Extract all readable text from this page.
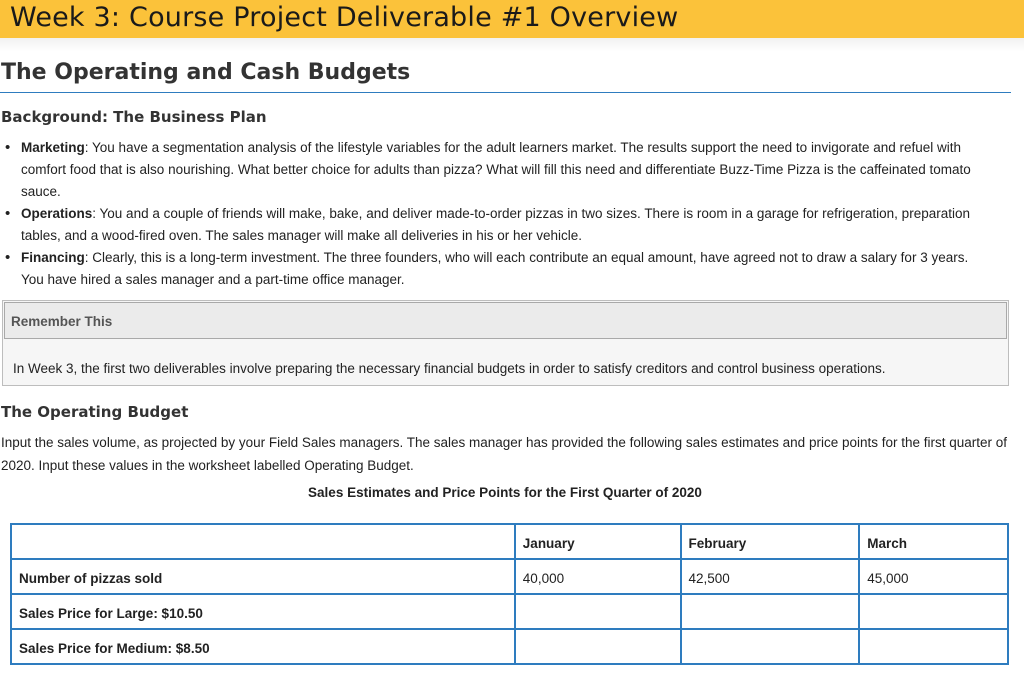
Week 3: Course Project Deliverable #1 Overview
The Operating and Cash Budgets
Background: The Business Plan
• Marketing: You have a segmentation analysis of the lifestyle variables for the adult learners market. The results support the need to invigorate and refuel with comfort food that is also nourishing. What better choice for adults than pizza? What will fill this need and differentiate Buzz-Time Pizza is the caffeinated tomato sauce.
• Operations: You and a couple of friends will make, bake, and deliver made-to-order pizzas in two sizes. There is room in a garage for refrigeration, preparation tables, and a wood-fired oven. The sales manager will make all deliveries in his or her vehicle.
• Financing: Clearly, this is a long-term investment. The three founders, who will each contribute an equal amount, have agreed not to draw a salary for 3 years. You have hired a sales manager and a part-time office manager.
Remember This
In Week 3, the first two deliverables involve preparing the necessary financial budgets in order to satisfy creditors and control business operations.
The Operating Budget
Input the sales volume, as projected by your Field Sales managers. The sales manager has provided the following sales estimates and price points for the first quarter of 2020. Input these values in the worksheet labelled Operating Budget.
Sales Estimates and Price Points for the First Quarter of 2020
	January	February	March
Number of pizzas sold	40,000	42,500	45,000
Sales Price for Large: $10.50			
Sales Price for Medium: $8.50			
